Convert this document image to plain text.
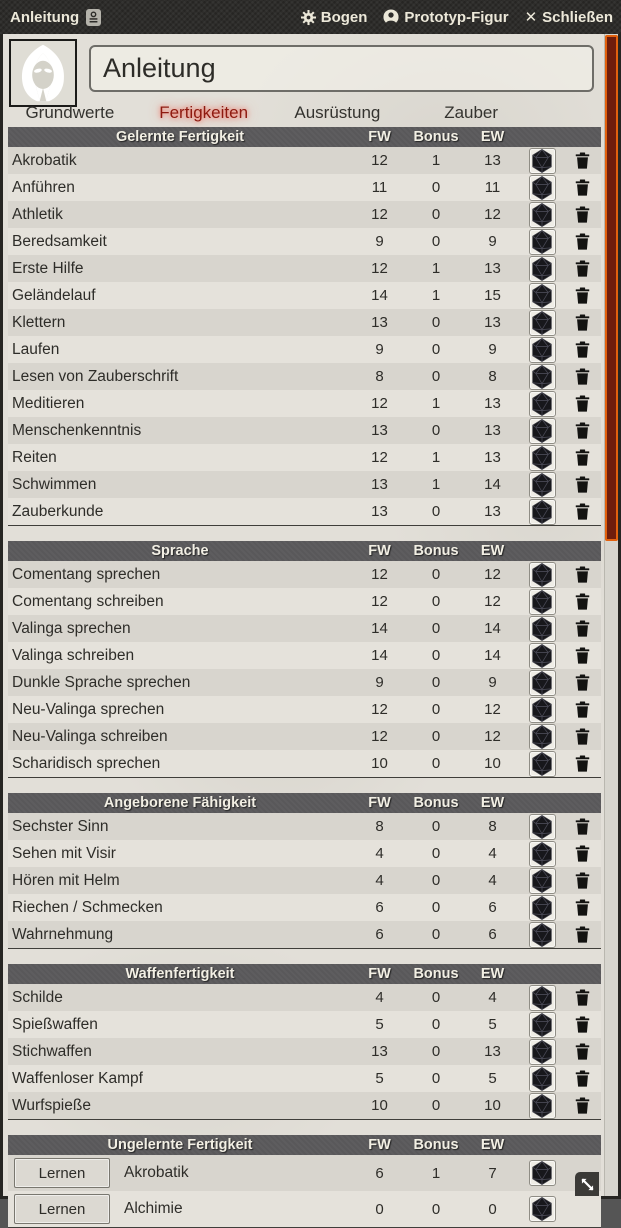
Anleitung	Bogen Prototyp-Figur ✕ Schließen
Anleitung
Grundwerte	Fertigkeiten	Ausrüstung	Zauber
Gelernte Fertigkeit	FW	Bonus	EW
Akrobatik	12	1	13
Anführen	11	0	11
Athletik	12	0	12
Beredsamkeit	9	0	9
Erste Hilfe	12	1	13
Geländelauf	14	1	15
Klettern	13	0	13
Laufen	9	0	9
Lesen von Zauberschrift	8	0	8
Meditieren	12	1	13
Menschenkenntnis	13	0	13
Reiten	12	1	13
Schwimmen	13	1	14
Zauberkunde	13	0	13
Sprache	FW	Bonus	EW
Comentang sprechen	12	0	12
Comentang schreiben	12	0	12
Valinga sprechen	14	0	14
Valinga schreiben	14	0	14
Dunkle Sprache sprechen	9	0	9
Neu-Valinga sprechen	12	0	12
Neu-Valinga schreiben	12	0	12
Scharidisch sprechen	10	0	10
Angeborene Fähigkeit	FW	Bonus	EW
Sechster Sinn	8	0	8
Sehen mit Visir	4	0	4
Hören mit Helm	4	0	4
Riechen / Schmecken	6	0	6
Wahrnehmung	6	0	6
Waffenfertigkeit	FW	Bonus	EW
Schilde	4	0	4
Spießwaffen	5	0	5
Stichwaffen	13	0	13
Waffenloser Kampf	5	0	5
Wurfspieße	10	0	10
Ungelernte Fertigkeit	FW	Bonus	EW
Lernen	Akrobatik	6	1	7
Lernen	Alchimie	0	0	0
